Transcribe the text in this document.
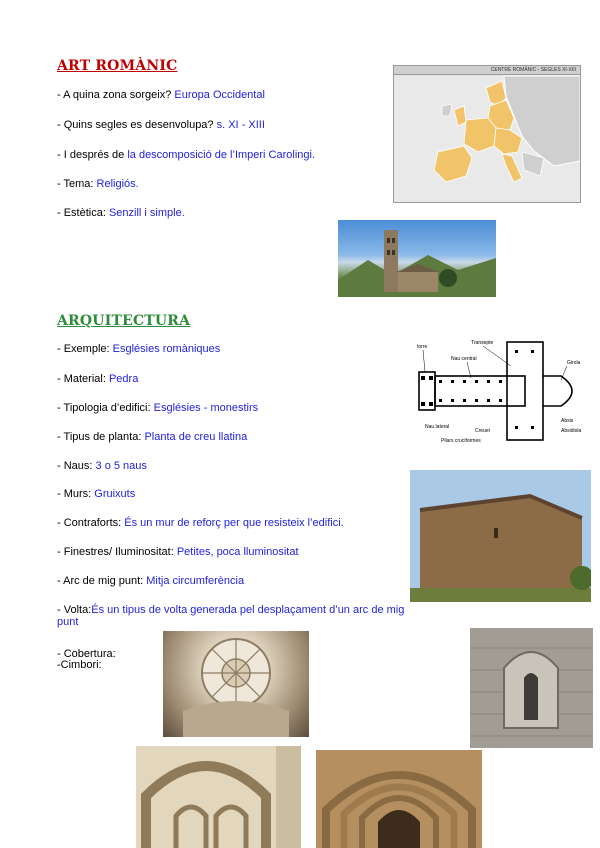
ART ROMÀNIC
- A quina zona sorgeix? Europa Occidental
- Quins segles es desenvolupa? s. XI - XIII
- I després de la descomposició de l’Imperi Carolingi.
- Tema: Religiós.
- Estètica: Senzill i simple.
CENTRE ROMÀNIC - SEGLES XI-XIII
ARQUITECTURA
- Exemple: Esglésies romàniques
- Material: Pedra
- Tipologia d’edifici: Esglésies - monestirs
- Tipus de planta: Planta de creu llatina
- Naus: 3 o 5 naus
- Murs: Gruixuts
- Contraforts: És un mur de reforç per que resisteix l’edifici.
- Finestres/ Iluminositat: Petites, poca lluminositat
- Arc de mig punt: Mitja circumferència
- Volta:És un tipus de volta generada pel desplaçament d’un arc de mig punt
- Cobertura:
-Cimbori:
torre
Transepte
Nau central
Girola
Absis
Nau lateral
Creuer
Pilars cruciformes
Absidiola
